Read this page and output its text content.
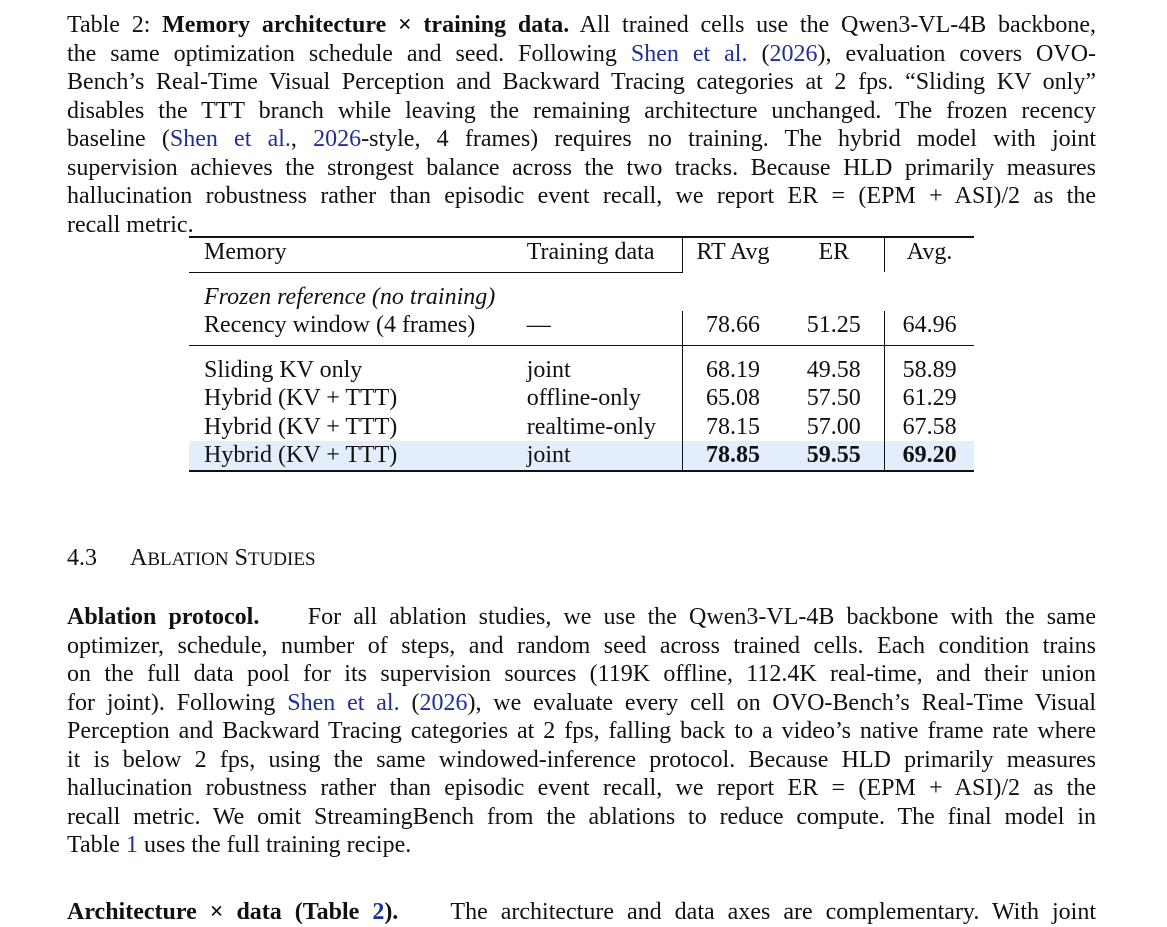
Table 2: Memory architecture × training data. All trained cells use the Qwen3-VL-4B backbone,
the same optimization schedule and seed. Following Shen et al. (2026), evaluation covers OVO-
Bench’s Real-Time Visual Perception and Backward Tracing categories at 2 fps. “Sliding KV only”
disables the TTT branch while leaving the remaining architecture unchanged. The frozen recency
baseline (Shen et al., 2026-style, 4 frames) requires no training. The hybrid model with joint
supervision achieves the strongest balance across the two tracks. Because HLD primarily measures
hallucination robustness rather than episodic event recall, we report ER = (EPM + ASI)/2 as the
recall metric.
Memory	Training data	RT Avg	ER	Avg.
Frozen reference (no training)				
Recency window (4 frames)	—	78.66	51.25	64.96
Sliding KV only	joint	68.19	49.58	58.89
Hybrid (KV + TTT)	offline-only	65.08	57.50	61.29
Hybrid (KV + TTT)	realtime-only	78.15	57.00	67.58
Hybrid (KV + TTT)	joint	78.85	59.55	69.20
4.3 ABLATION STUDIES
Ablation protocol. For all ablation studies, we use the Qwen3-VL-4B backbone with the same
optimizer, schedule, number of steps, and random seed across trained cells. Each condition trains
on the full data pool for its supervision sources (119K offline, 112.4K real-time, and their union
for joint). Following Shen et al. (2026), we evaluate every cell on OVO-Bench’s Real-Time Visual
Perception and Backward Tracing categories at 2 fps, falling back to a video’s native frame rate where
it is below 2 fps, using the same windowed-inference protocol. Because HLD primarily measures
hallucination robustness rather than episodic event recall, we report ER = (EPM + ASI)/2 as the
recall metric. We omit StreamingBench from the ablations to reduce compute. The final model in
Table 1 uses the full training recipe.
Architecture × data (Table 2). The architecture and data axes are complementary. With joint
